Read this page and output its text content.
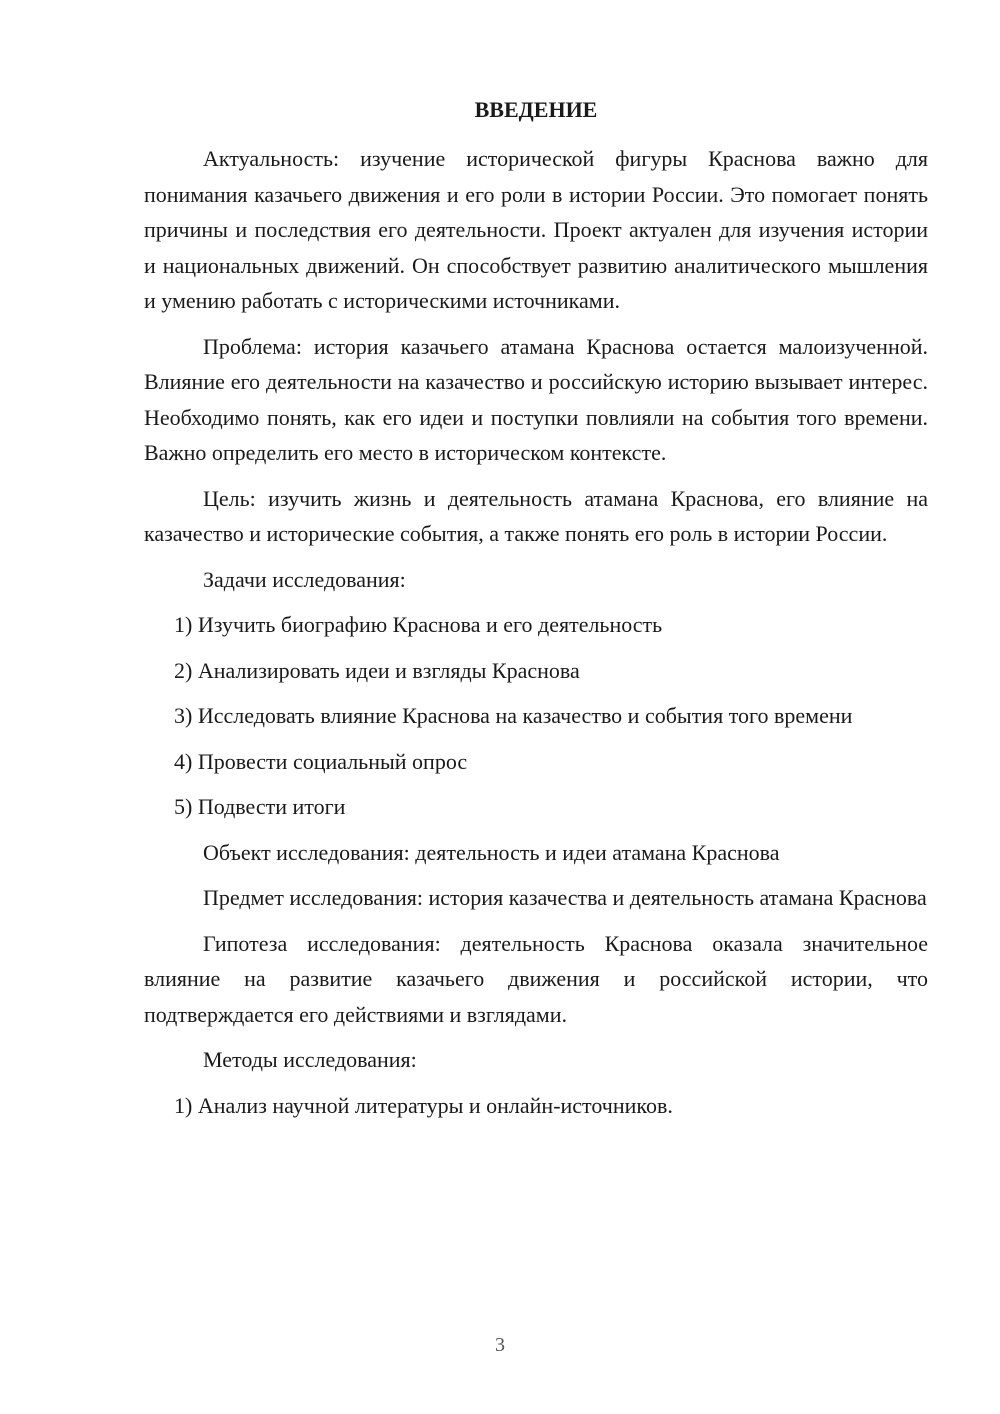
ВВЕДЕНИЕ

Актуальность: изучение исторической фигуры Краснова важно для понимания казачьего движения и его роли в истории России. Это помогает понять причины и последствия его деятельности. Проект актуален для изучения истории и национальных движений. Он способствует развитию аналитического мышления и умению работать с историческими источниками.

Проблема: история казачьего атамана Краснова остается малоизученной. Влияние его деятельности на казачество и российскую историю вызывает интерес. Необходимо понять, как его идеи и поступки повлияли на события того времени. Важно определить его место в историческом контексте.

Цель: изучить жизнь и деятельность атамана Краснова, его влияние на казачество и исторические события, а также понять его роль в истории России.

Задачи исследования:

1) Изучить биографию Краснова и его деятельность

2) Анализировать идеи и взгляды Краснова

3) Исследовать влияние Краснова на казачество и события того времени

4) Провести социальный опрос

5) Подвести итоги

Объект исследования: деятельность и идеи атамана Краснова

Предмет исследования: история казачества и деятельность атамана Краснова

Гипотеза исследования: деятельность Краснова оказала значительное влияние на развитие казачьего движения и российской истории, что подтверждается его действиями и взглядами.

Методы исследования:

1) Анализ научной литературы и онлайн-источников.

3
